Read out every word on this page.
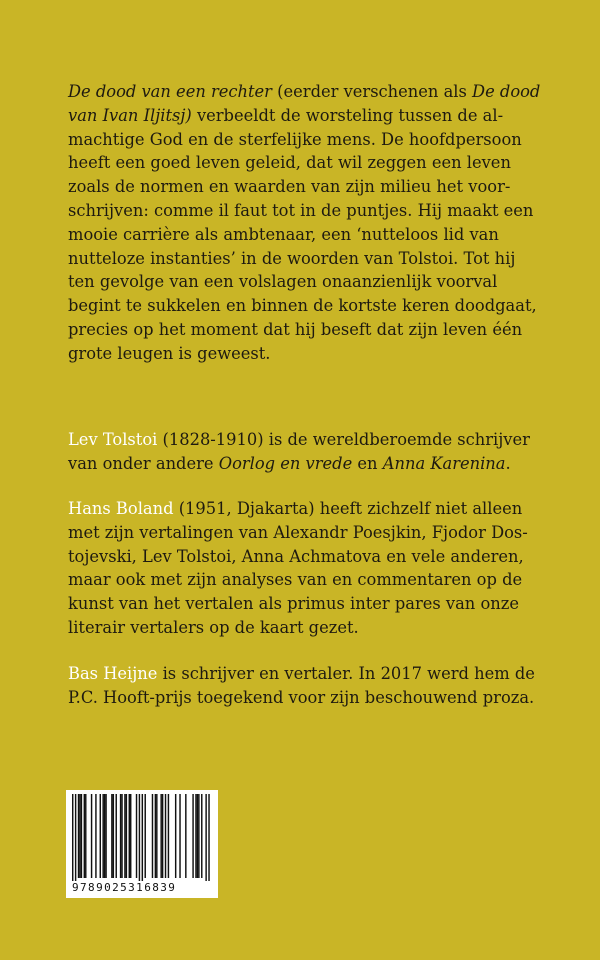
De dood van een rechter (eerder verschenen als De dood
van Ivan Iljitsj) verbeeldt de worsteling tussen de al-
machtige God en de sterfelijke mens. De hoofdpersoon
heeft een goed leven geleid, dat wil zeggen een leven
zoals de normen en waarden van zijn milieu het voor-
schrijven: comme il faut tot in de puntjes. Hij maakt een
mooie carrière als ambtenaar, een ‘nutteloos lid van
nutteloze instanties’ in de woorden van Tolstoi. Tot hij
ten gevolge van een volslagen onaanzienlijk voorval
begint te sukkelen en binnen de kortste keren doodgaat,
precies op het moment dat hij beseft dat zijn leven één
grote leugen is geweest.

Lev Tolstoi (1828-1910) is de wereldberoemde schrijver
van onder andere Oorlog en vrede en Anna Karenina.

Hans Boland (1951, Djakarta) heeft zichzelf niet alleen
met zijn vertalingen van Alexandr Poesjkin, Fjodor Dos-
tojevski, Lev Tolstoi, Anna Achmatova en vele anderen,
maar ook met zijn analyses van en commentaren op de
kunst van het vertalen als primus inter pares van onze
literair vertalers op de kaart gezet.

Bas Heijne is schrijver en vertaler. In 2017 werd hem de
P.C. Hooft-prijs toegekend voor zijn beschouwend proza.

9789025316839
